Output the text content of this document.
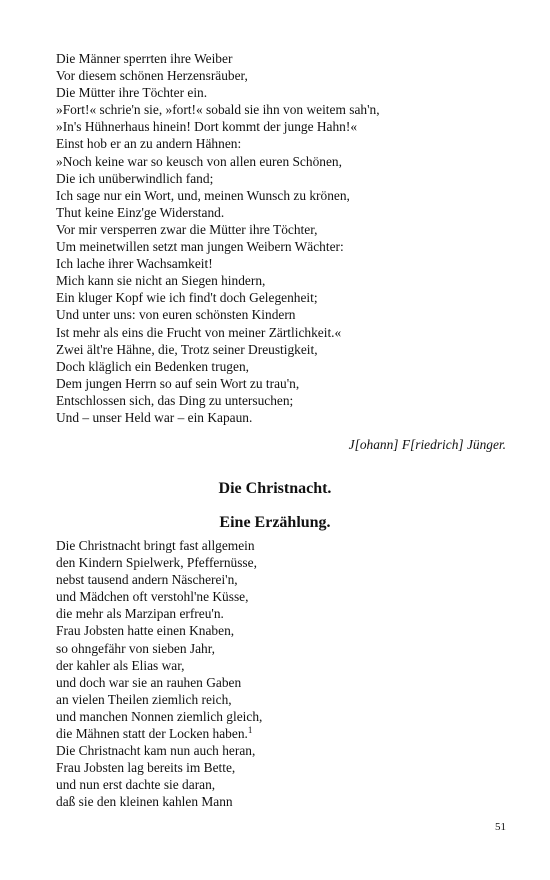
Die Männer sperrten ihre Weiber
Vor diesem schönen Herzensräuber,
Die Mütter ihre Töchter ein.
»Fort!« schrie'n sie, »fort!« sobald sie ihn von weitem sah'n,
»In's Hühnerhaus hinein! Dort kommt der junge Hahn!«
Einst hob er an zu andern Hähnen:
»Noch keine war so keusch von allen euren Schönen,
Die ich unüberwindlich fand;
Ich sage nur ein Wort, und, meinen Wunsch zu krönen,
Thut keine Einz'ge Widerstand.
Vor mir versperren zwar die Mütter ihre Töchter,
Um meinetwillen setzt man jungen Weibern Wächter:
Ich lache ihrer Wachsamkeit!
Mich kann sie nicht an Siegen hindern,
Ein kluger Kopf wie ich find't doch Gelegenheit;
Und unter uns: von euren schönsten Kindern
Ist mehr als eins die Frucht von meiner Zärtlichkeit.«
Zwei ält're Hähne, die, Trotz seiner Dreustigkeit,
Doch kläglich ein Bedenken trugen,
Dem jungen Herrn so auf sein Wort zu trau'n,
Entschlossen sich, das Ding zu untersuchen;
Und – unser Held war – ein Kapaun.
J[ohann] F[riedrich] Jünger.
Die Christnacht.
Eine Erzählung.
Die Christnacht bringt fast allgemein
den Kindern Spielwerk, Pfeffernüsse,
nebst tausend andern Näscherei'n,
und Mädchen oft verstohl'ne Küsse,
die mehr als Marzipan erfreu'n.
Frau Jobsten hatte einen Knaben,
so ohngefähr von sieben Jahr,
der kahler als Elias war,
und doch war sie an rauhen Gaben
an vielen Theilen ziemlich reich,
und manchen Nonnen ziemlich gleich,
die Mähnen statt der Locken haben.$^1$
Die Christnacht kam nun auch heran,
Frau Jobsten lag bereits im Bette,
und nun erst dachte sie daran,
daß sie den kleinen kahlen Mann
51
